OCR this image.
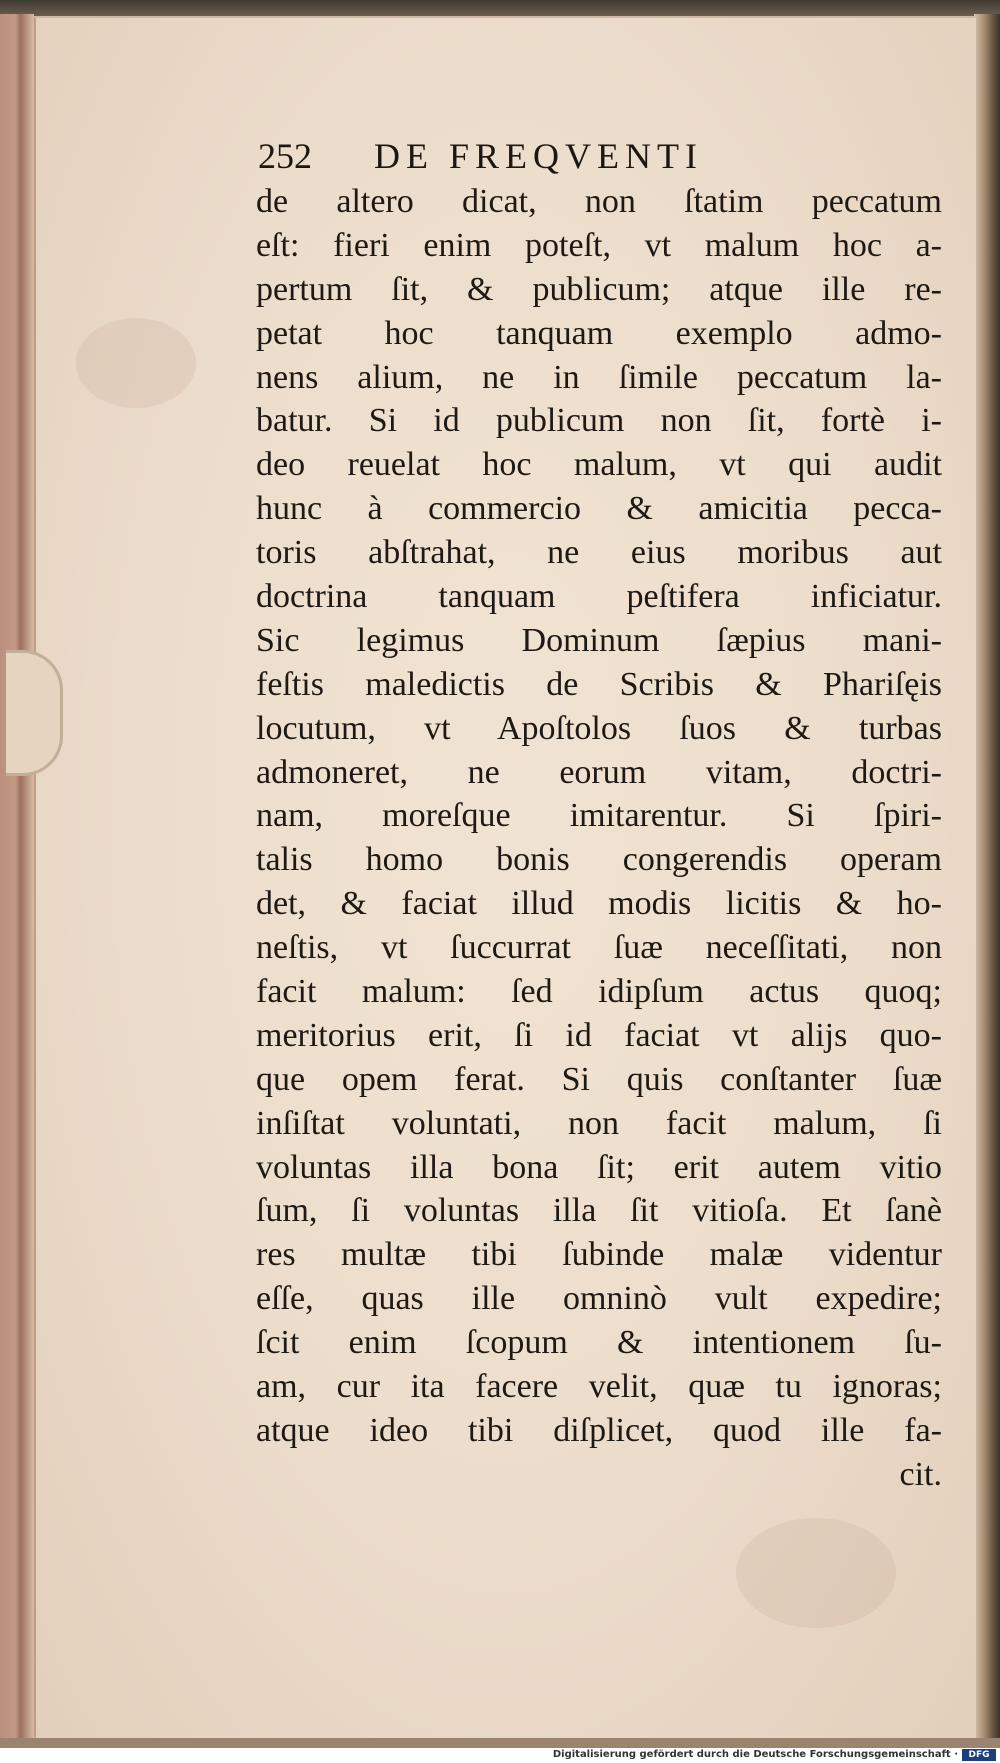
252 DE FREQVENTI
de altero dicat, non ſtatim peccatum
eſt: fieri enim poteſt, vt malum hoc a-
pertum ſit, & publicum; atque ille re-
petat hoc tanquam exemplo admo-
nens alium, ne in ſimile peccatum la-
batur. Si id publicum non ſit, fortè i-
deo reuelat hoc malum, vt qui audit
hunc à commercio & amicitia pecca-
toris abſtrahat, ne eius moribus aut
doctrina tanquam peſtifera inficiatur.
Sic legimus Dominum ſæpius mani-
feſtis maledictis de Scribis & Phariſęis
locutum, vt Apoſtolos ſuos & turbas
admoneret, ne eorum vitam, doctri-
nam, moreſque imitarentur. Si ſpiri-
talis homo bonis congerendis operam
det, & faciat illud modis licitis & ho-
neſtis, vt ſuccurrat ſuæ neceſſitati, non
facit malum: ſed idipſum actus quoq;
meritorius erit, ſi id faciat vt alijs quo-
que opem ferat. Si quis conſtanter ſuæ
inſiſtat voluntati, non facit malum, ſi
voluntas illa bona ſit; erit autem vitio
ſum, ſi voluntas illa ſit vitioſa. Et ſanè
res multæ tibi ſubinde malæ videntur
eſſe, quas ille omninò vult expedire;
ſcit enim ſcopum & intentionem ſu-
am, cur ita facere velit, quæ tu ignoras;
atque ideo tibi diſplicet, quod ille fa-
cit.
Digitalisierung gefördert durch die Deutsche Forschungsgemeinschaft ·	DFG
